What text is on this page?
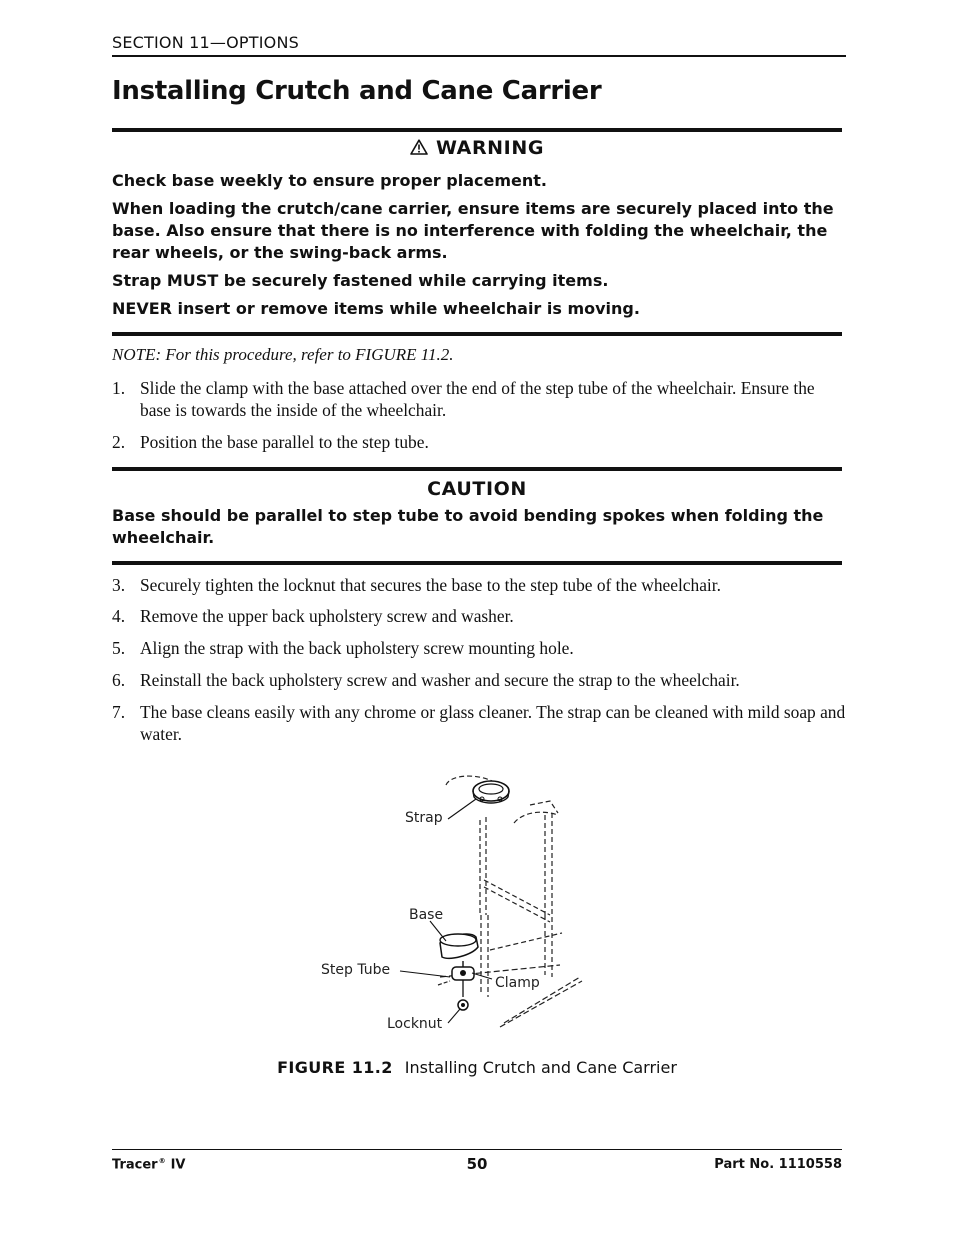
SECTION 11—OPTIONS
Installing Crutch and Cane Carrier
WARNING
Check base weekly to ensure proper placement.
When loading the crutch/cane carrier, ensure items are securely placed into the base. Also ensure that there is no interference with folding the wheelchair, the rear wheels, or the swing-back arms.
Strap MUST be securely fastened while carrying items.
NEVER insert or remove items while wheelchair is moving.
NOTE: For this procedure, refer to FIGURE 11.2.
1. Slide the clamp with the base attached over the end of the step tube of the wheelchair. Ensure the base is towards the inside of the wheelchair.
2. Position the base parallel to the step tube.
CAUTION
Base should be parallel to step tube to avoid bending spokes when folding the wheelchair.
3. Securely tighten the locknut that secures the base to the step tube of the wheelchair.
4. Remove the upper back upholstery screw and washer.
5. Align the strap with the back upholstery screw mounting hole.
6. Reinstall the back upholstery screw and washer and secure the strap to the wheelchair.
7. The base cleans easily with any chrome or glass cleaner. The strap can be cleaned with mild soap and water.
Strap
Base
Step Tube
Clamp
Locknut
FIGURE 11.2 Installing Crutch and Cane Carrier
Tracer® IV	50	Part No. 1110558
